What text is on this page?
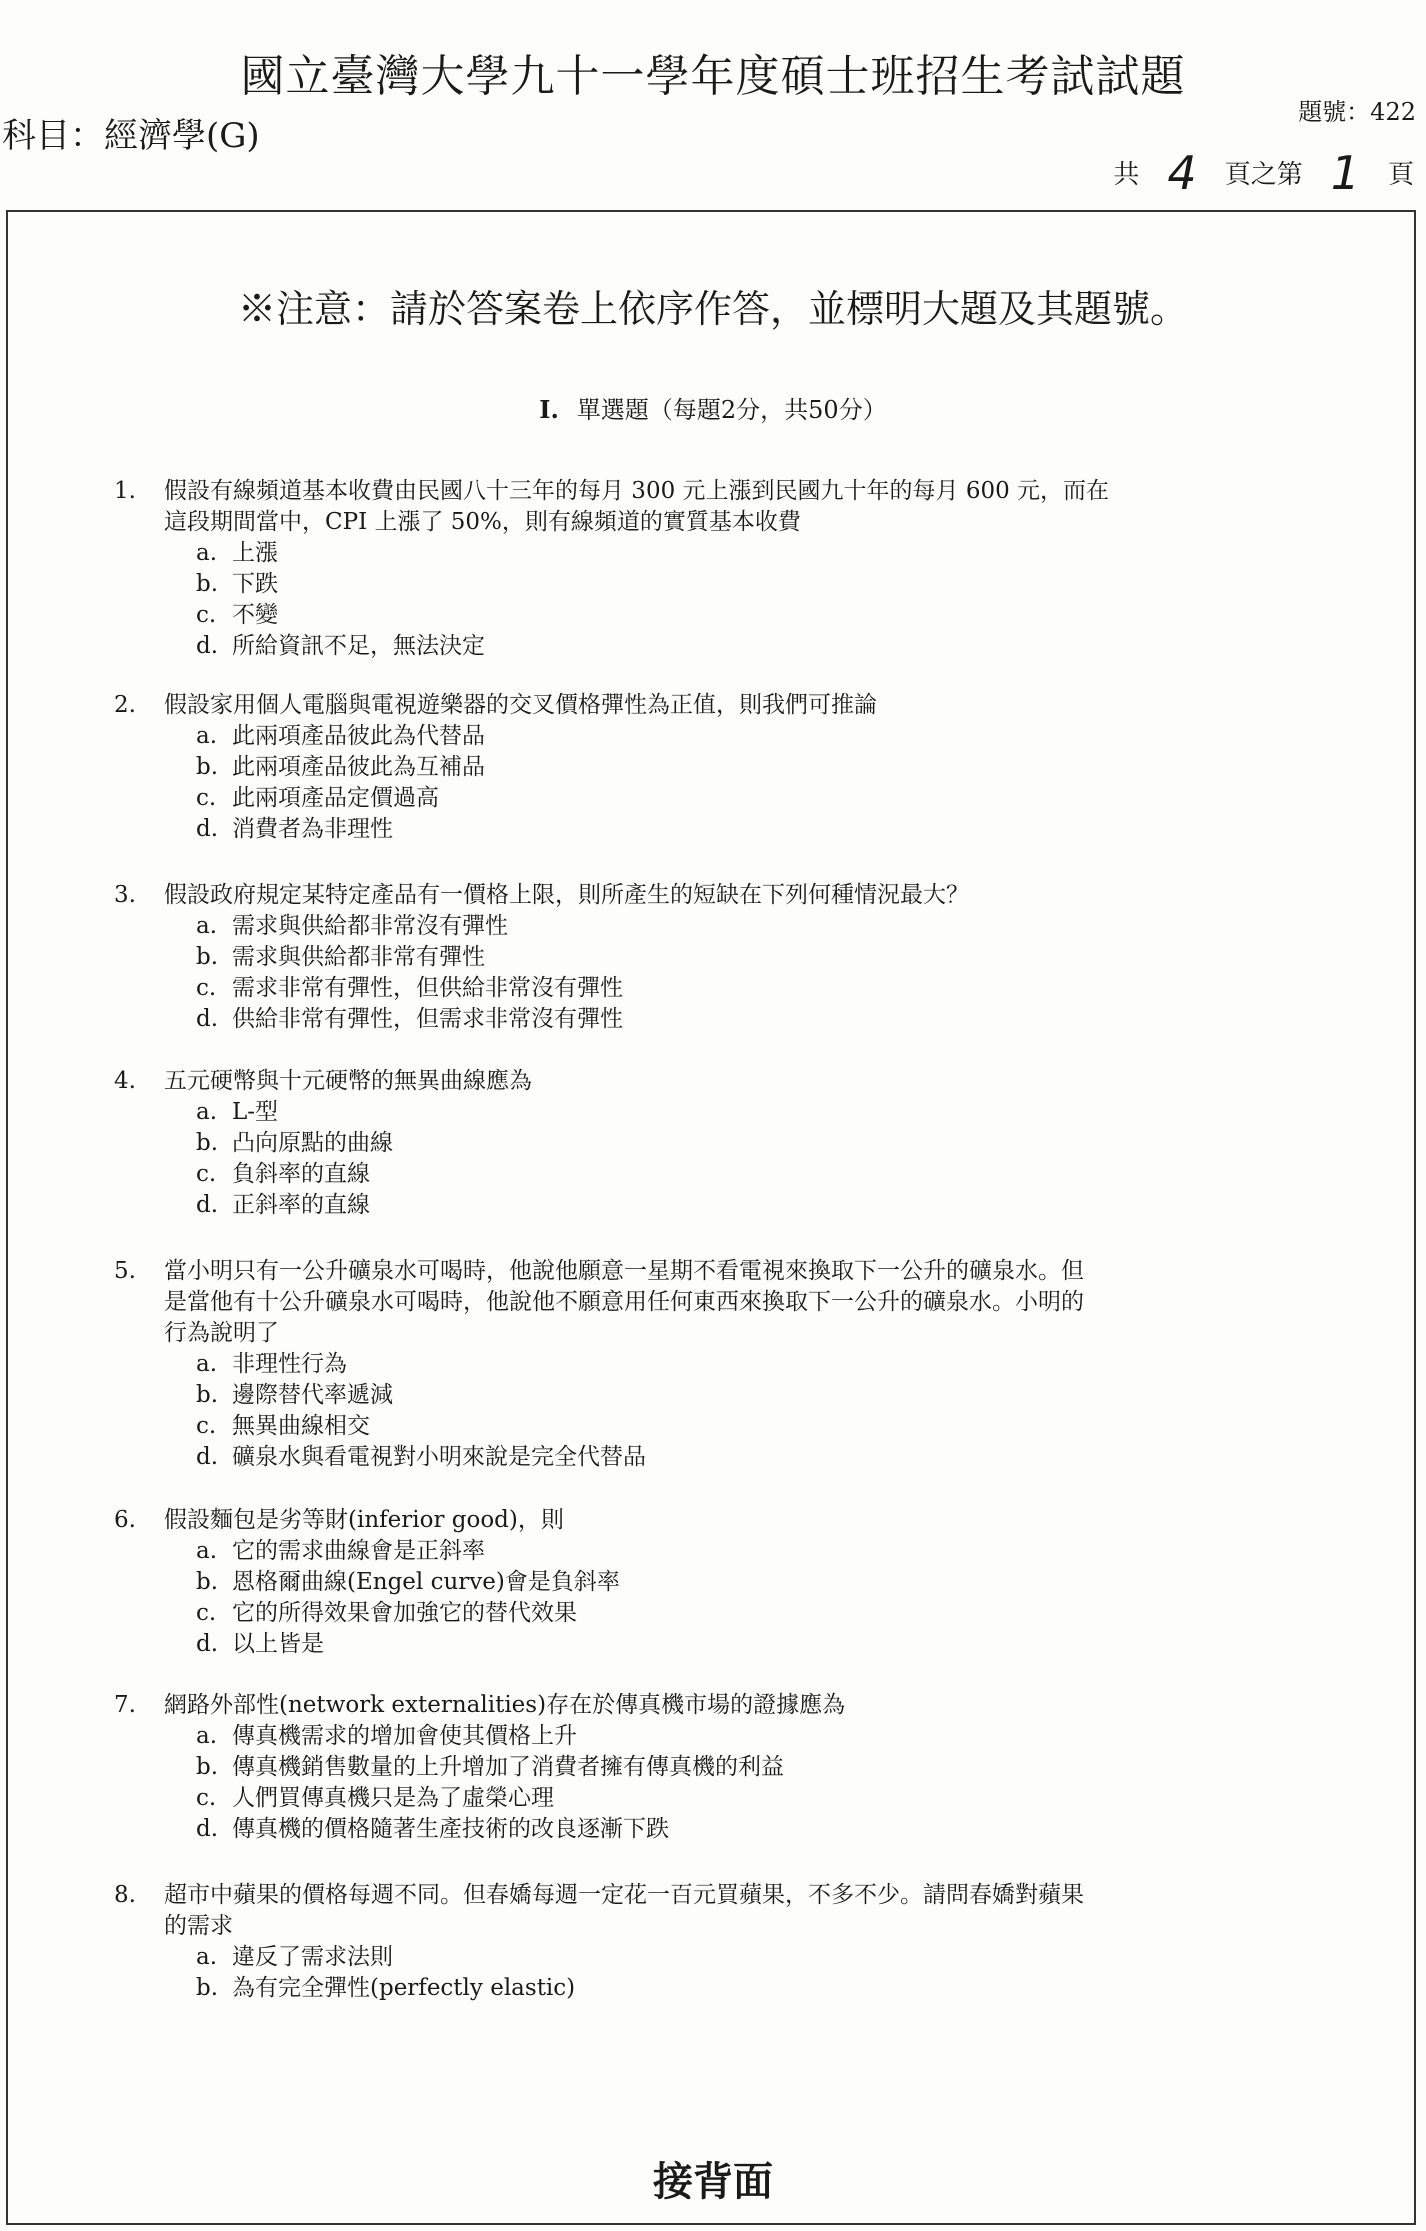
國立臺灣大學九十一學年度碩士班招生考試試題
科目：經濟學(G)
題號：422
共 4 頁之第 1 頁
※注意：請於答案卷上依序作答，並標明大題及其題號。
I. 單選題（每題2分，共50分）
1. 假設有線頻道基本收費由民國八十三年的每月 300 元上漲到民國九十年的每月 600 元，而在
這段期間當中，CPI 上漲了 50%，則有線頻道的實質基本收費
a. 上漲
b. 下跌
c. 不變
d. 所給資訊不足，無法決定
2. 假設家用個人電腦與電視遊樂器的交叉價格彈性為正值，則我們可推論
a. 此兩項產品彼此為代替品
b. 此兩項產品彼此為互補品
c. 此兩項產品定價過高
d. 消費者為非理性
3. 假設政府規定某特定產品有一價格上限，則所產生的短缺在下列何種情況最大？
a. 需求與供給都非常沒有彈性
b. 需求與供給都非常有彈性
c. 需求非常有彈性，但供給非常沒有彈性
d. 供給非常有彈性，但需求非常沒有彈性
4. 五元硬幣與十元硬幣的無異曲線應為
a. L-型
b. 凸向原點的曲線
c. 負斜率的直線
d. 正斜率的直線
5. 當小明只有一公升礦泉水可喝時，他說他願意一星期不看電視來換取下一公升的礦泉水。但
是當他有十公升礦泉水可喝時，他說他不願意用任何東西來換取下一公升的礦泉水。小明的
行為說明了
a. 非理性行為
b. 邊際替代率遞減
c. 無異曲線相交
d. 礦泉水與看電視對小明來說是完全代替品
6. 假設麵包是劣等財(inferior good)，則
a. 它的需求曲線會是正斜率
b. 恩格爾曲線(Engel curve)會是負斜率
c. 它的所得效果會加強它的替代效果
d. 以上皆是
7. 網路外部性(network externalities)存在於傳真機市場的證據應為
a. 傳真機需求的增加會使其價格上升
b. 傳真機銷售數量的上升增加了消費者擁有傳真機的利益
c. 人們買傳真機只是為了虛榮心理
d. 傳真機的價格隨著生產技術的改良逐漸下跌
8. 超市中蘋果的價格每週不同。但春嬌每週一定花一百元買蘋果，不多不少。請問春嬌對蘋果
的需求
a. 違反了需求法則
b. 為有完全彈性(perfectly elastic)
接背面
